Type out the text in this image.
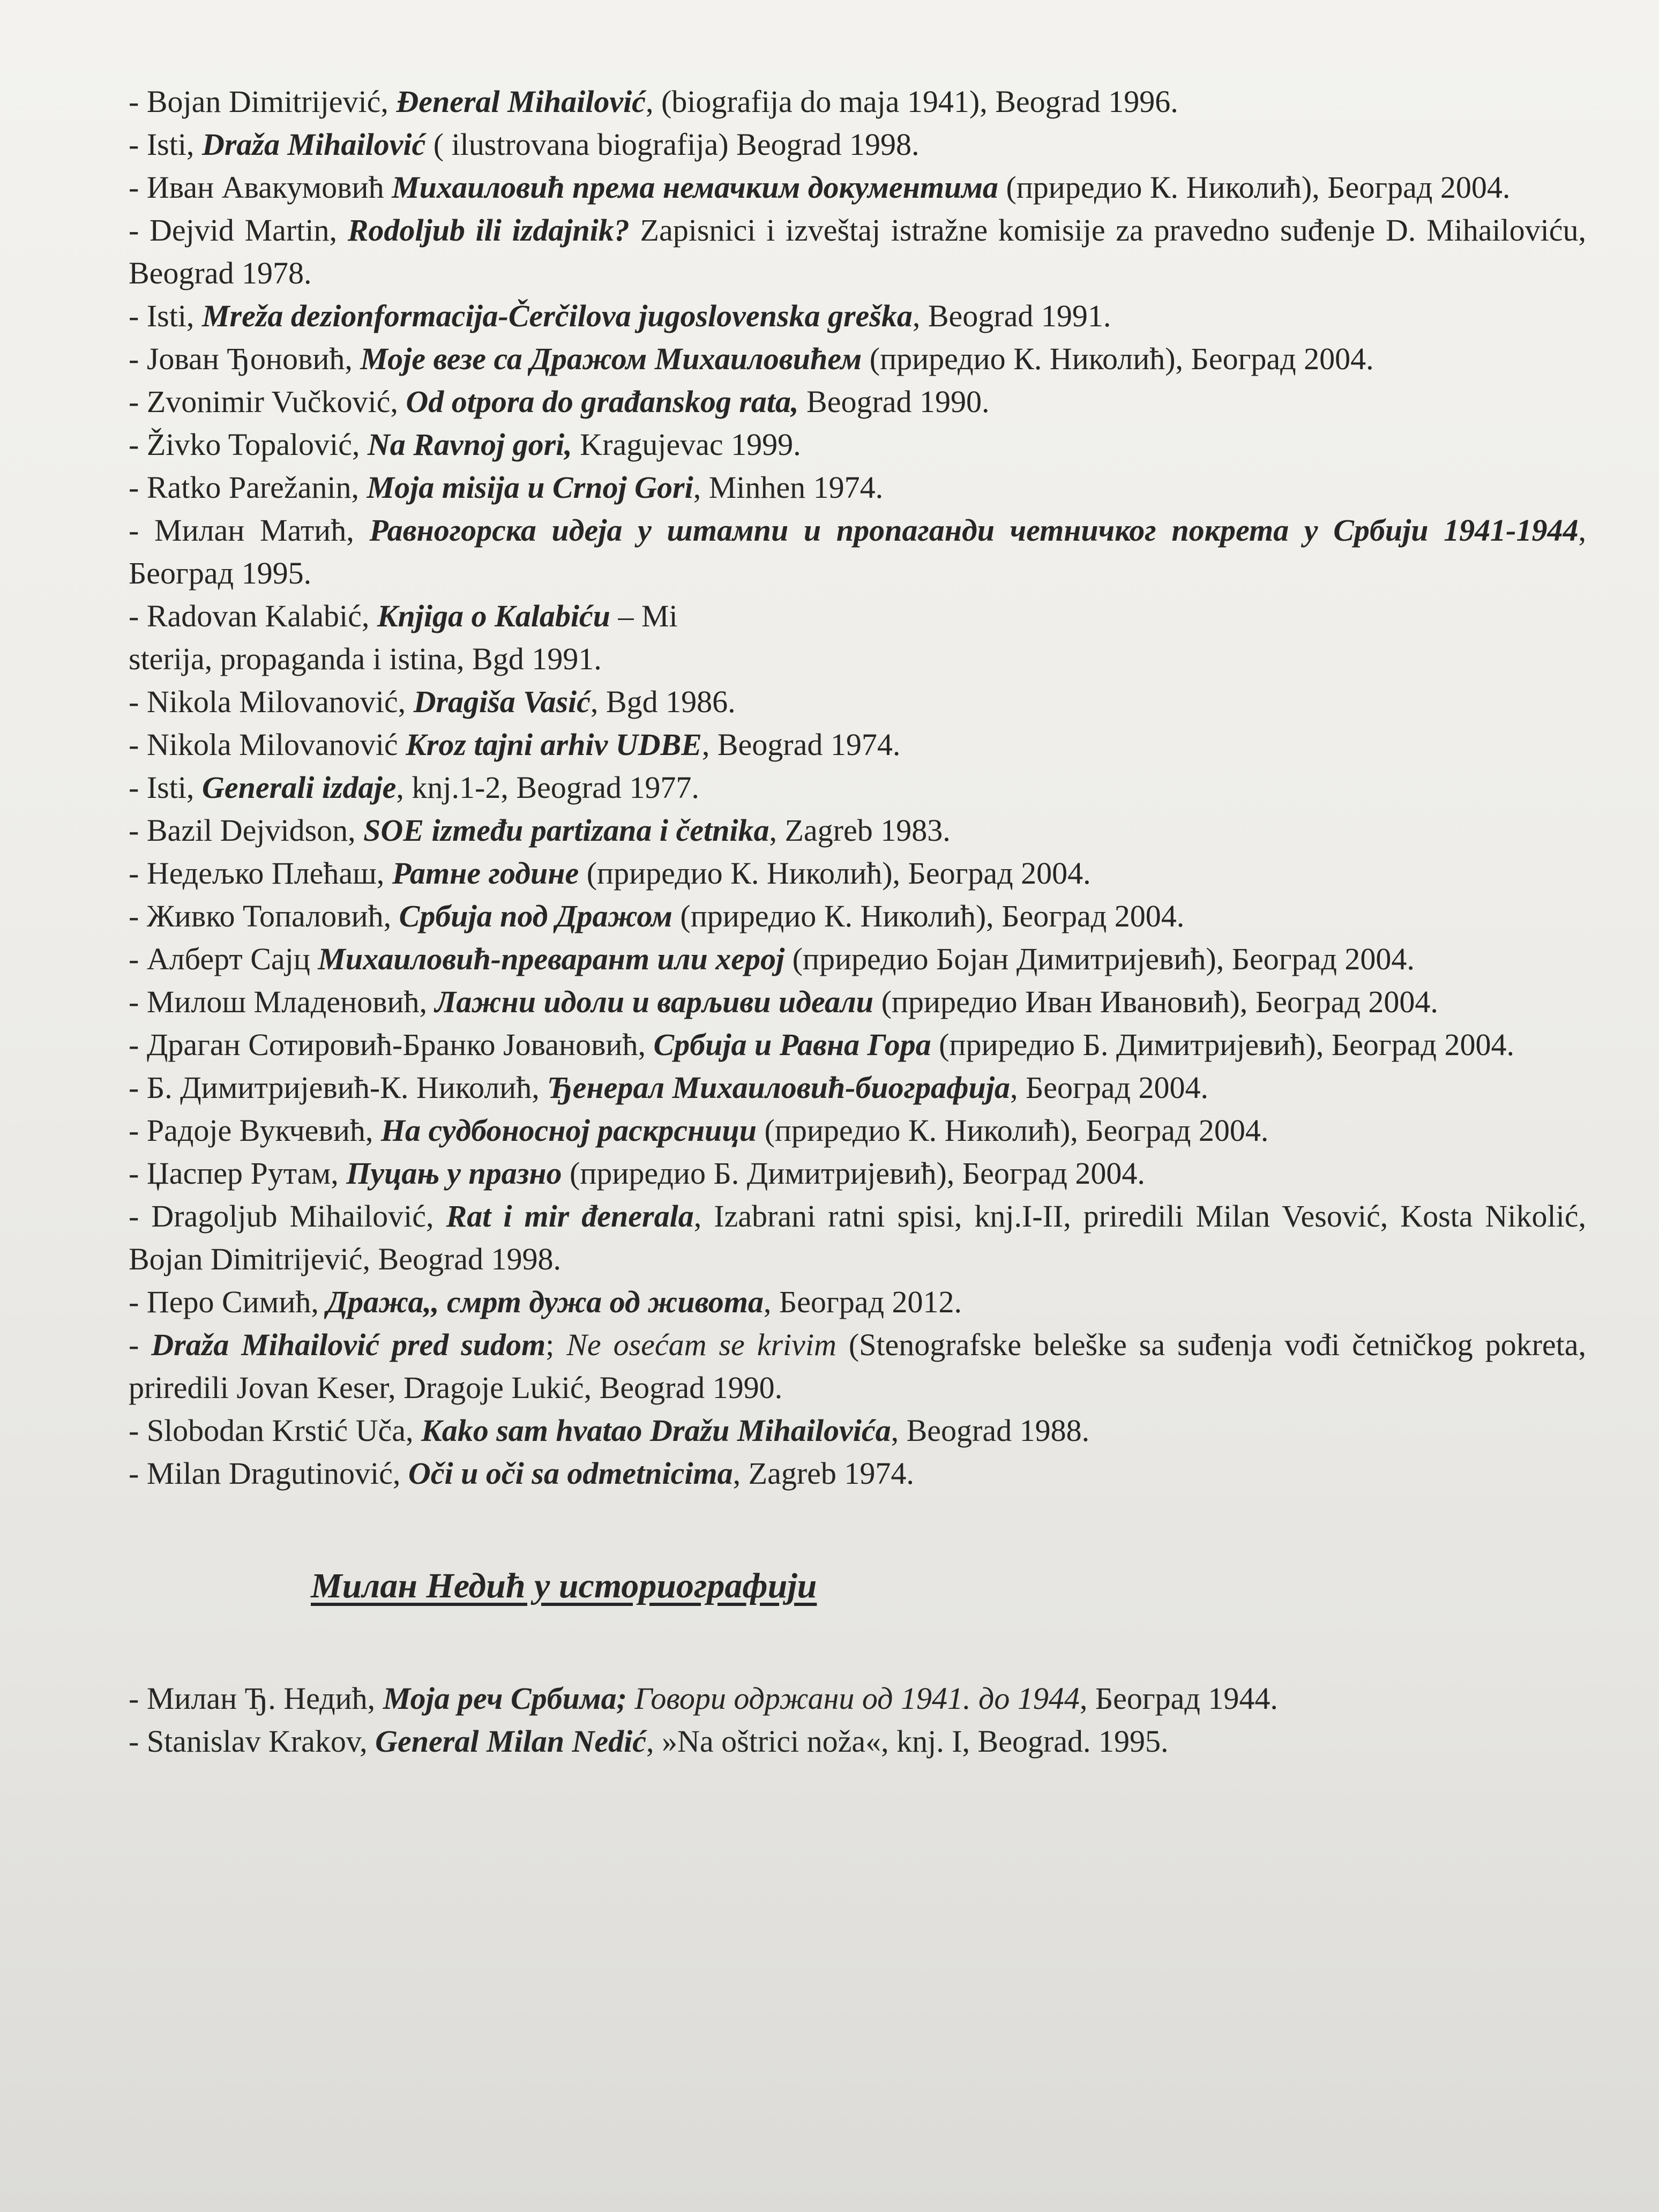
- Bojan Dimitrijević, Đeneral Mihailović, (biografija do maja 1941), Beograd 1996.

- Isti, Draža Mihailović ( ilustrovana biografija) Beograd 1998.

- Иван Авакумовић Михаиловић према немачким документима (приредио К. Николић), Београд 2004.

- Dejvid Martin, Rodoljub ili izdajnik? Zapisnici i izveštaj istražne komisije za pravedno suđenje D. Mihailoviću, Beograd 1978.

- Isti, Mreža dezionformacija-Čerčilova jugoslovenska greška, Beograd 1991.

- Јован Ђоновић, Моје везе са Дражом Михаиловићем (приредио К. Николић), Београд 2004.

- Zvonimir Vučković, Od otpora do građanskog rata, Beograd 1990.

- Živko Topalović, Na Ravnoj gori, Kragujevac 1999.

- Ratko Parežanin, Moja misija u Crnoj Gori, Minhen 1974.

- Милан Матић, Равногорска идеја у штампи и пропаганди четничког покрета у Србији 1941-1944, Београд 1995.

- Radovan Kalabić, Knjiga o Kalabiću – Mi
sterija, propaganda i istina, Bgd 1991.

- Nikola Milovanović, Dragiša Vasić, Bgd 1986.

- Nikola Milovanović Kroz tajni arhiv UDBE, Beograd 1974.

- Isti, Generali izdaje, knj.1-2, Beograd 1977.

- Bazil Dejvidson, SOE između partizana i četnika, Zagreb 1983.

- Недељко Плећаш, Ратне године (приредио К. Николић), Београд 2004.

- Живко Топаловић, Србија под Дражом (приредио К. Николић), Београд 2004.

- Алберт Сајц Михаиловић-преварант или херој (приредио Бојан Димитријевић), Београд 2004.

- Милош Младеновић, Лажни идоли и варљиви идеали (приредио Иван Ивановић), Београд 2004.

- Драган Сотировић-Бранко Јовановић, Србија и Равна Гора (приредио Б. Димитријевић), Београд 2004.

- Б. Димитријевић-К. Николић, Ђенерал Михаиловић-биографија, Београд 2004.

- Радоје Вукчевић, На судбоносној раскрсници (приредио К. Николић), Београд 2004.

- Џаспер Рутам, Пуцањ у празно (приредио Б. Димитријевић), Београд 2004.

- Dragoljub Mihailović, Rat i mir đenerala, Izabrani ratni spisi, knj.I-II, priredili Milan Vesović, Kosta Nikolić, Bojan Dimitrijević, Beograd 1998.

- Перо Симић, Дража,, смрт дужа од живота, Београд 2012.

- Draža Mihailović pred sudom; Ne osećam se krivim (Stenografske beleške sa suđenja vođi četničkog pokreta, priredili Jovan Keser, Dragoje Lukić, Beograd 1990.

- Slobodan Krstić Uča, Kako sam hvatao Dražu Mihailovića, Beograd 1988.

- Milan Dragutinović, Oči u oči sa odmetnicima, Zagreb 1974.

Милан Недић у историографији

- Милан Ђ. Недић, Моја реч Србима; Говори одржани од 1941. до 1944, Београд 1944.

- Stanislav Krakov, General Milan Nedić, »Na oštrici noža«, knj. I, Beograd. 1995.
